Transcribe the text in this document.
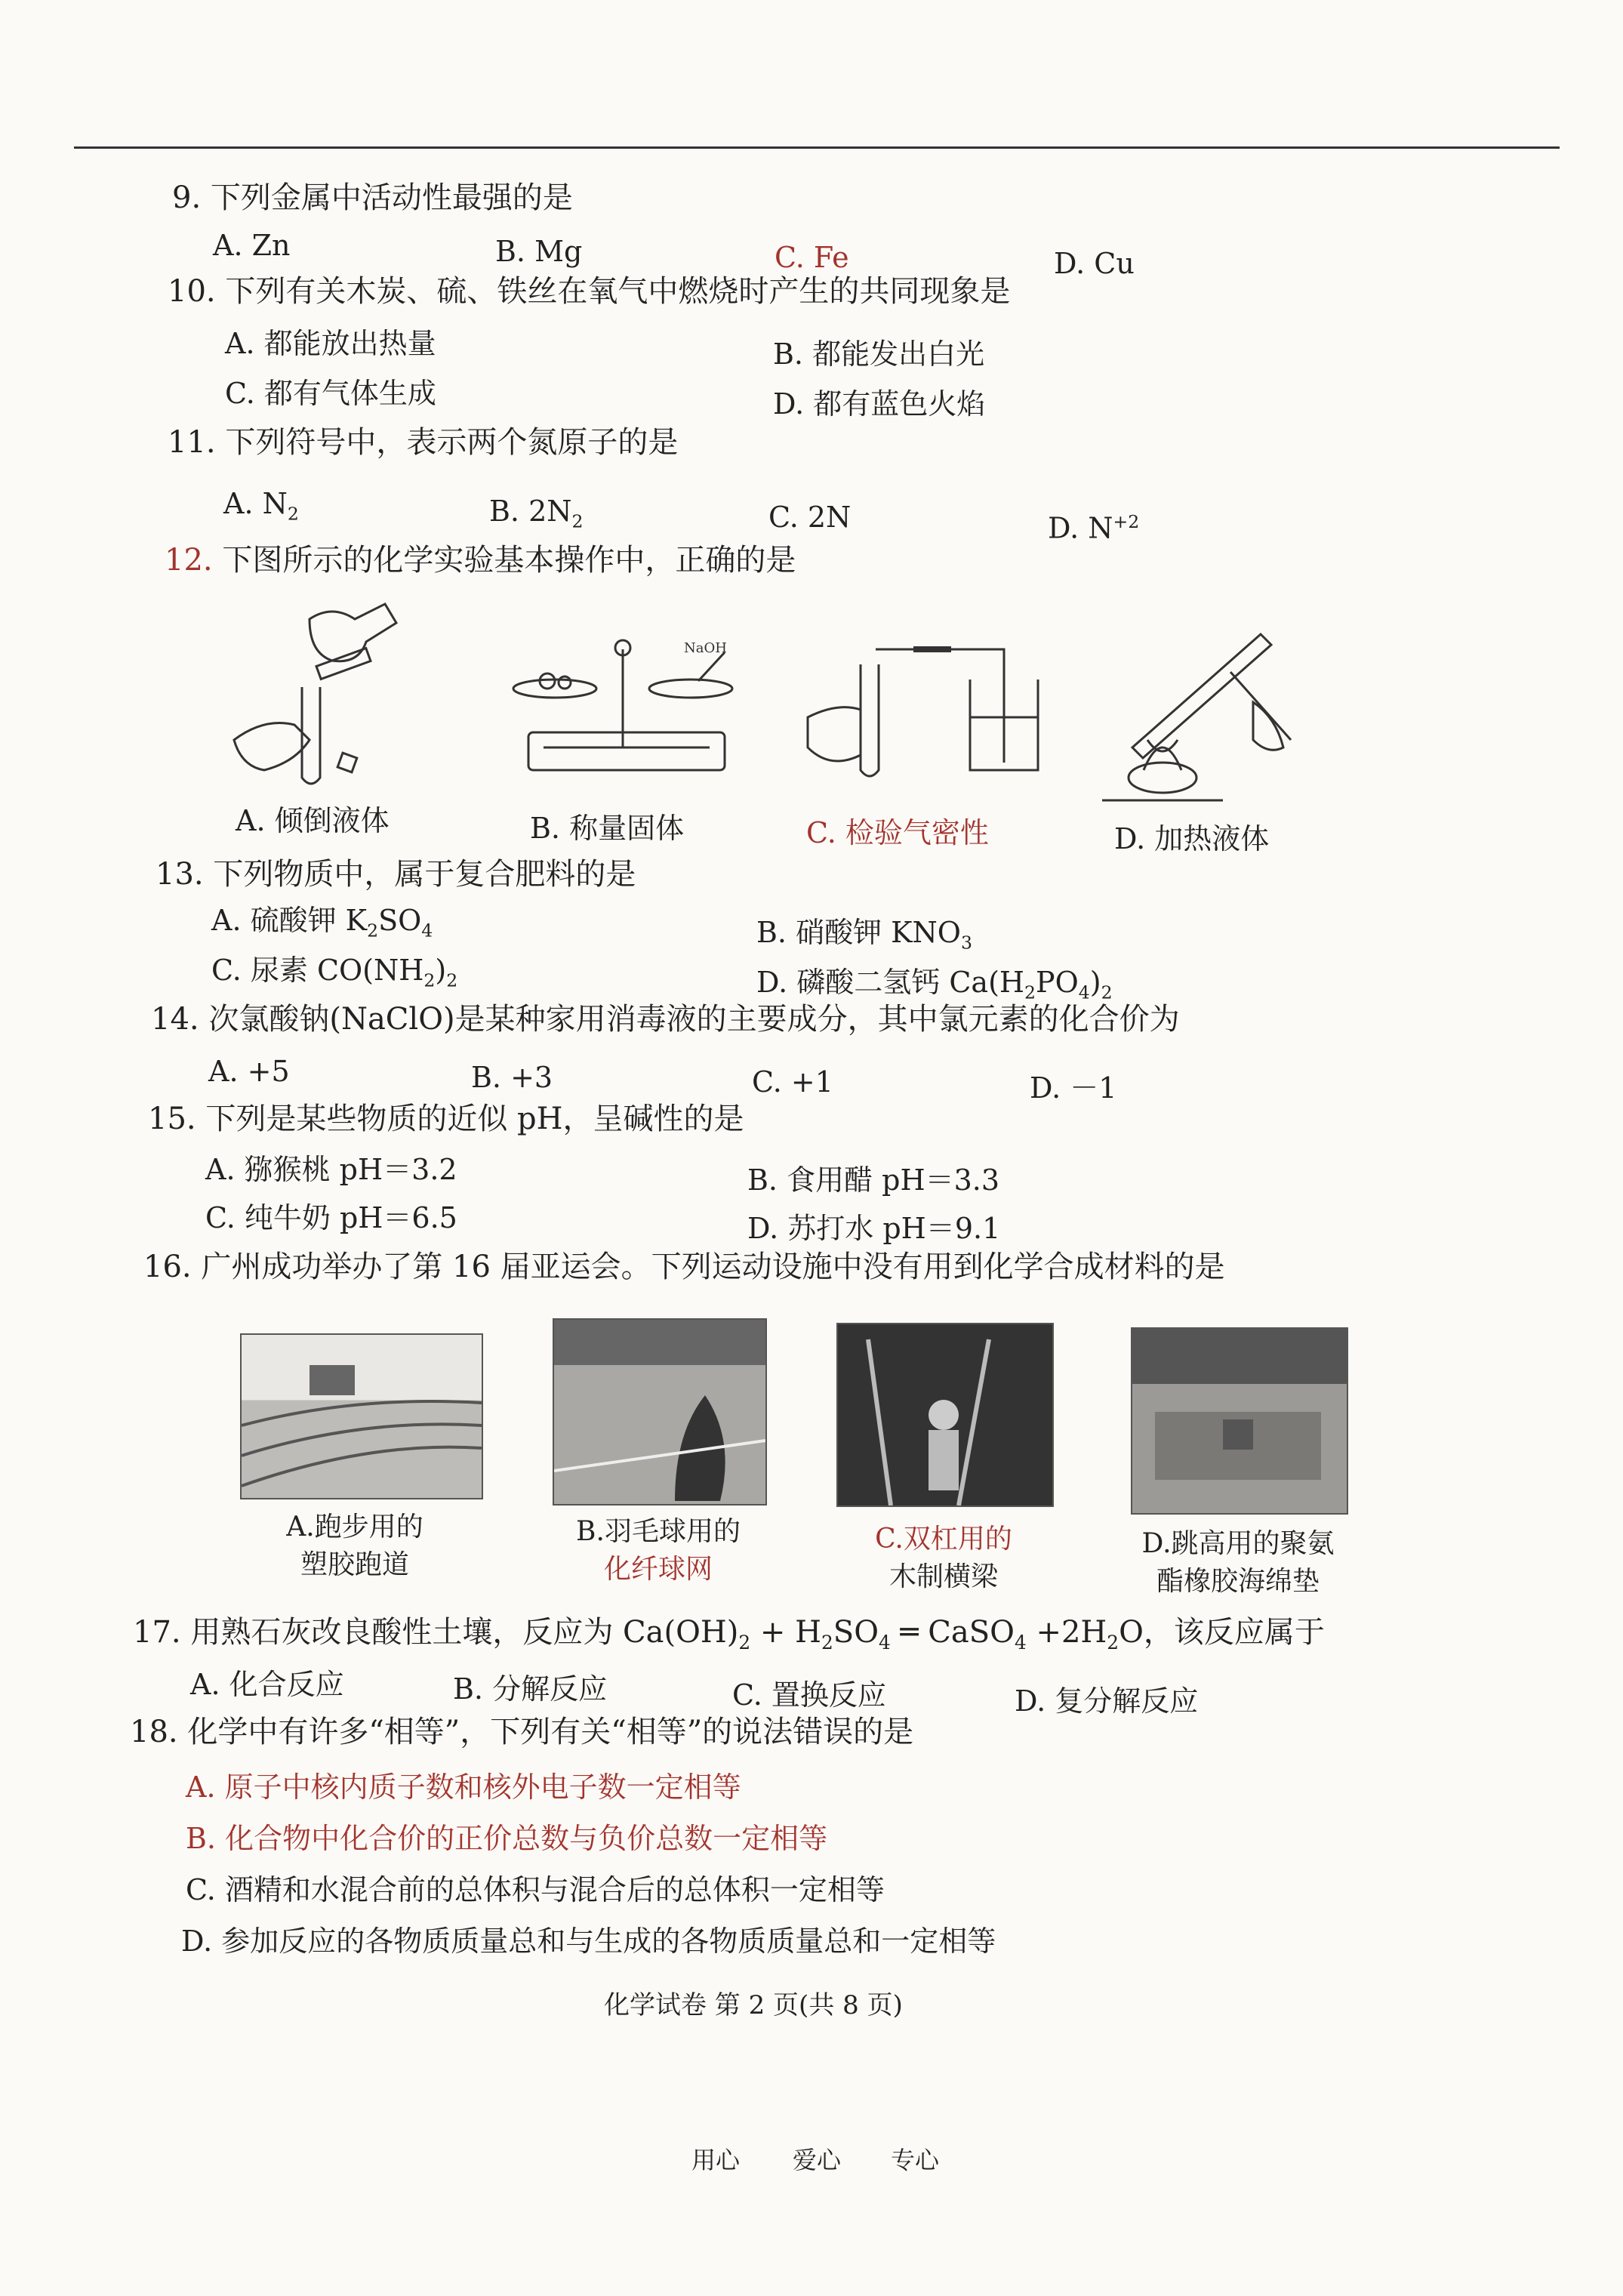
9. 下列金属中活动性最强的是
A. Zn	B. Mg	C. Fe	D. Cu
10. 下列有关木炭、硫、铁丝在氧气中燃烧时产生的共同现象是
A. 都能放出热量	B. 都能发出白光
C. 都有气体生成	D. 都有蓝色火焰
11. 下列符号中，表示两个氮原子的是
A. $N_2$	B. $2N_2$	C. 2N	D. $N^{+2}$
12. 下图所示的化学实验基本操作中，正确的是
NaOH
A. 倾倒液体	B. 称量固体	C. 检验气密性	D. 加热液体
13. 下列物质中，属于复合肥料的是
A. 硫酸钾 $K_2SO_4$	B. 硝酸钾 $KNO_3$
C. 尿素 $CO(NH_2)_2$	D. 磷酸二氢钙 $Ca(H_2PO_4)_2$
14. 次氯酸钠(NaClO)是某种家用消毒液的主要成分，其中氯元素的化合价为
A. +5	B. +3	C. +1	D. －1
15. 下列是某些物质的近似 pH，呈碱性的是
A. 猕猴桃 pH＝3.2	B. 食用醋 pH＝3.3
C. 纯牛奶 pH＝6.5	D. 苏打水 pH＝9.1
16. 广州成功举办了第 16 届亚运会。下列运动设施中没有用到化学合成材料的是
A.跑步用的
塑胶跑道
B.羽毛球用的
化纤球网
C.双杠用的
木制横梁
D.跳高用的聚氨
酯橡胶海绵垫
17. 用熟石灰改良酸性土壤，反应为 $Ca(OH)_2 + H_2SO_4$ ═ CaSO$_4$ $+2H_2O$，该反应属于
A. 化合反应	B. 分解反应	C. 置换反应	D. 复分解反应
18. 化学中有许多“相等”，下列有关“相等”的说法错误的是
A. 原子中核内质子数和核外电子数一定相等
B. 化合物中化合价的正价总数与负价总数一定相等
C. 酒精和水混合前的总体积与混合后的总体积一定相等
D. 参加反应的各物质质量总和与生成的各物质质量总和一定相等
化学试卷 第 2 页(共 8 页)
用心 爱心 专心
